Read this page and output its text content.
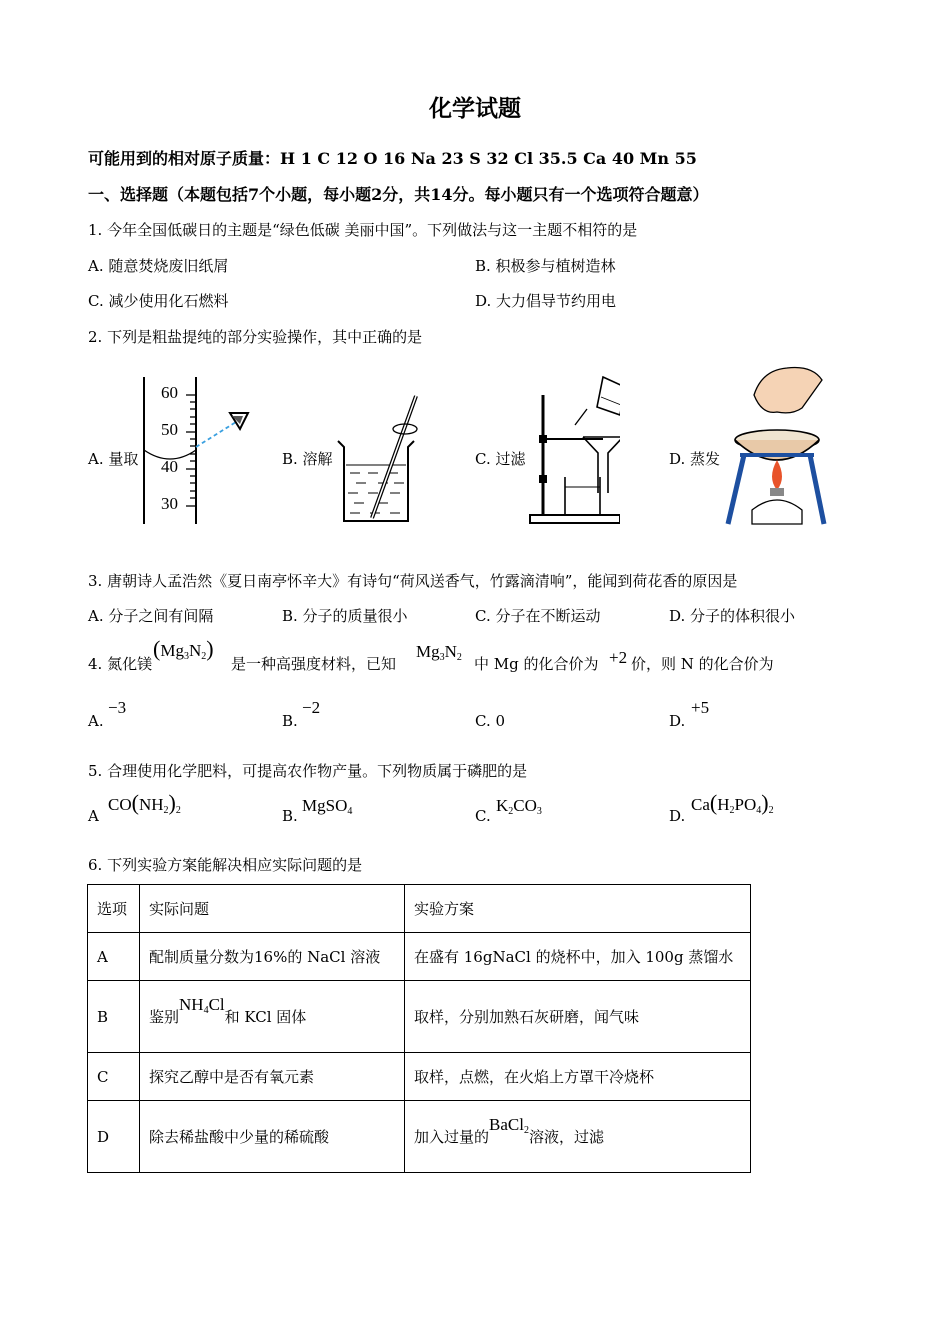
化学试题
可能用到的相对原子质量：H 1 C 12 O 16 Na 23 S 32 Cl 35.5 Ca 40 Mn 55
一、选择题（本题包括7个小题，每小题2分，共14分。每小题只有一个选项符合题意）
1. 今年全国低碳日的主题是“绿色低碳 美丽中国”。下列做法与这一主题不相符的是
A. 随意焚烧废旧纸屑	B. 积极参与植树造林
C. 减少使用化石燃料	D. 大力倡导节约用电
2. 下列是粗盐提纯的部分实验操作，其中正确的是
A. 量取	B. 溶解	C. 过滤	D. 蒸发
60
50
40
30
3. 唐朝诗人孟浩然《夏日南亭怀辛大》有诗句“荷风送香气，竹露滴清响”，能闻到荷花香的原因是
A. 分子之间有间隔	B. 分子的质量很小	C. 分子在不断运动	D. 分子的体积很小
4. 氮化镁
$(Mg_3N_2)$
是一种高强度材料，已知
$Mg_3N_2$ 中 Mg 的化合价为 +2 价，则 N 的化合价为
A.
−3
B.
−2
C. 0	D.
+5
5. 合理使用化学肥料，可提高农作物产量。下列物质属于磷肥的是
A
$CO(NH_2)_2$	B.
MgSO$_4$	C.
$K_2CO_3$	D.
$Ca(H_2PO_4)_2$
6. 下列实验方案能解决相应实际问题的是
选项	实际问题	实验方案
A	配制质量分数为16%的 NaCl 溶液	在盛有 16gNaCl 的烧杯中，加入 100g 蒸馏水
B	鉴别$NH_4Cl$和 KCl 固体	取样，分别加熟石灰研磨，闻气味
C	探究乙醇中是否有氧元素	取样，点燃，在火焰上方罩干冷烧杯
D	除去稀盐酸中少量的稀硫酸	加入过量的BaCl$_2$溶液，过滤
